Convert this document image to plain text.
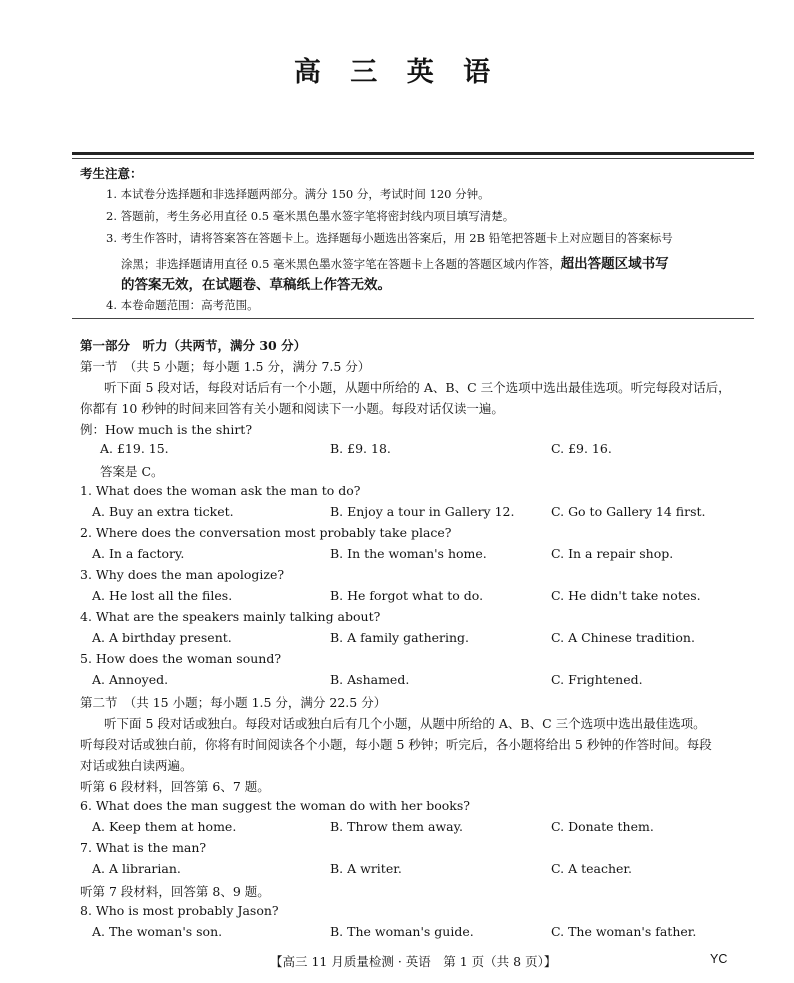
高 三 英 语
考生注意：
1. 本试卷分选择题和非选择题两部分。满分 150 分，考试时间 120 分钟。
2. 答题前，考生务必用直径 0.5 毫米黑色墨水签字笔将密封线内项目填写清楚。
3. 考生作答时，请将答案答在答题卡上。选择题每小题选出答案后，用 2B 铅笔把答题卡上对应题目的答案标号
涂黑；非选择题请用直径 0.5 毫米黑色墨水签字笔在答题卡上各题的答题区域内作答，超出答题区域书写
的答案无效，在试题卷、草稿纸上作答无效。
4. 本卷命题范围：高考范围。
第一部分　听力（共两节，满分 30 分）
第一节　（共 5 小题；每小题 1.5 分，满分 7.5 分）
听下面 5 段对话，每段对话后有一个小题，从题中所给的 A、B、C 三个选项中选出最佳选项。听完每段对话后，
你都有 10 秒钟的时间来回答有关小题和阅读下一小题。每段对话仅读一遍。
例：How much is the shirt?
A. £19. 15.	B. £9. 18.	C. £9. 16.
答案是 C。
1. What does the woman ask the man to do?
A. Buy an extra ticket.	B. Enjoy a tour in Gallery 12.	C. Go to Gallery 14 first.
2. Where does the conversation most probably take place?
A. In a factory.	B. In the woman's home.	C. In a repair shop.
3. Why does the man apologize?
A. He lost all the files.	B. He forgot what to do.	C. He didn't take notes.
4. What are the speakers mainly talking about?
A. A birthday present.	B. A family gathering.	C. A Chinese tradition.
5. How does the woman sound?
A. Annoyed.	B. Ashamed.	C. Frightened.
第二节　（共 15 小题；每小题 1.5 分，满分 22.5 分）
听下面 5 段对话或独白。每段对话或独白后有几个小题，从题中所给的 A、B、C 三个选项中选出最佳选项。
听每段对话或独白前，你将有时间阅读各个小题，每小题 5 秒钟；听完后，各小题将给出 5 秒钟的作答时间。每段
对话或独白读两遍。
听第 6 段材料，回答第 6、7 题。
6. What does the man suggest the woman do with her books?
A. Keep them at home.	B. Throw them away.	C. Donate them.
7. What is the man?
A. A librarian.	B. A writer.	C. A teacher.
听第 7 段材料，回答第 8、9 题。
8. Who is most probably Jason?
A. The woman's son.	B. The woman's guide.	C. The woman's father.
【高三 11 月质量检测 · 英语　第 1 页（共 8 页）】	YC
